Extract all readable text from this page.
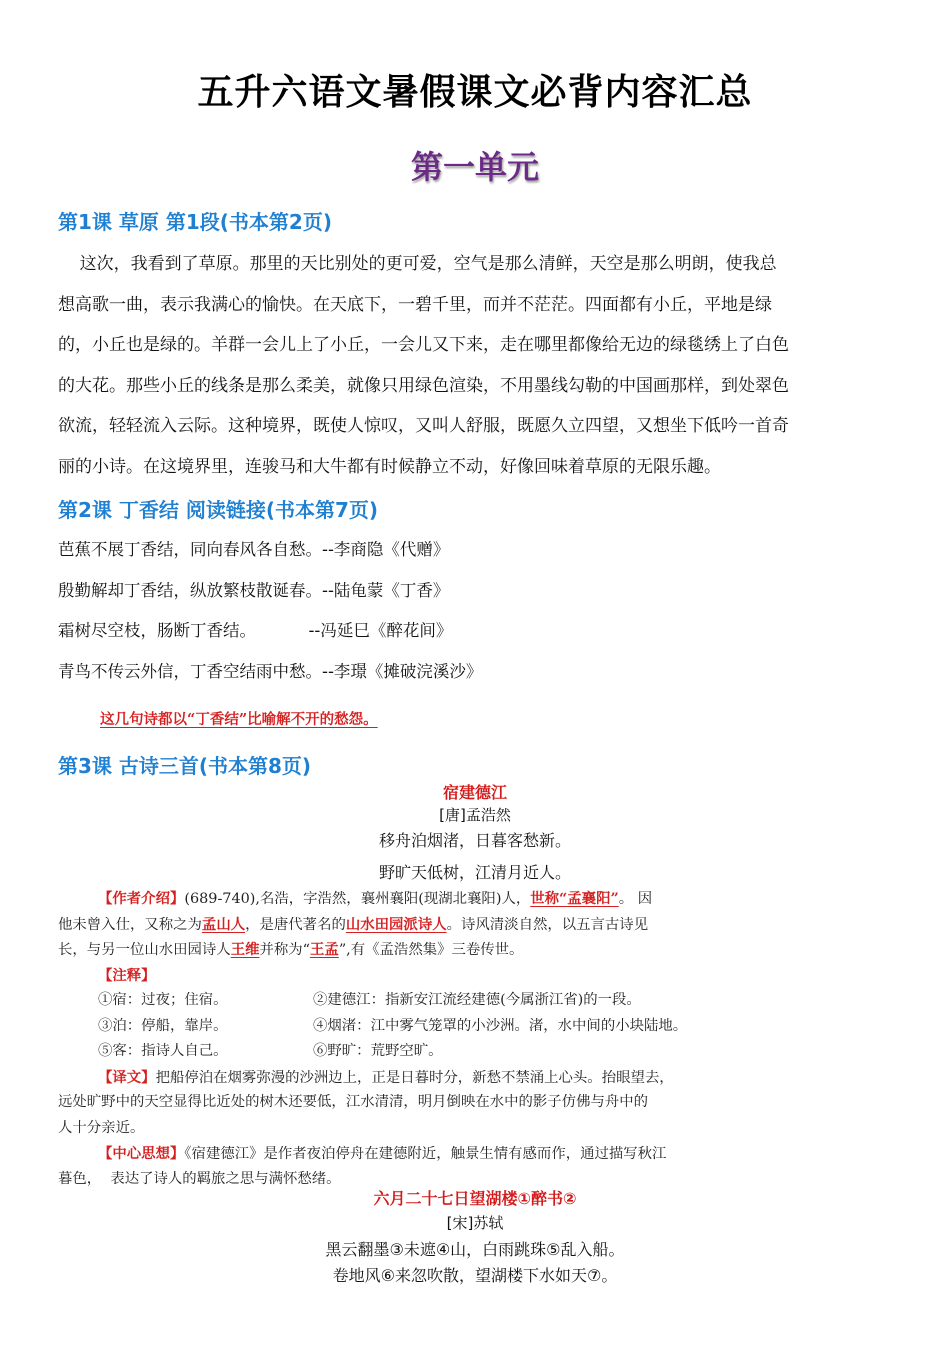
五升六语文暑假课文必背内容汇总
第一单元
第1课 草原 第1段(书本第2页)
这次，我看到了草原。那里的天比别处的更可爱，空气是那么清鲜，天空是那么明朗，使我总
想高歌一曲，表示我满心的愉快。在天底下，一碧千里，而并不茫茫。四面都有小丘，平地是绿
的，小丘也是绿的。羊群一会儿上了小丘，一会儿又下来，走在哪里都像给无边的绿毯绣上了白色
的大花。那些小丘的线条是那么柔美，就像只用绿色渲染，不用墨线勾勒的中国画那样，到处翠色
欲流，轻轻流入云际。这种境界，既使人惊叹，又叫人舒服，既愿久立四望，又想坐下低吟一首奇
丽的小诗。在这境界里，连骏马和大牛都有时候静立不动，好像回味着草原的无限乐趣。
第2课 丁香结 阅读链接(书本第7页)
芭蕉不展丁香结，同向春风各自愁。--李商隐《代赠》
殷勤解却丁香结，纵放繁枝散诞春。--陆龟蒙《丁香》
霜树尽空枝，肠断丁香结。          --冯延巳《醉花间》
青鸟不传云外信，丁香空结雨中愁。--李璟《摊破浣溪沙》
这几句诗都以“丁香结”比喻解不开的愁怨。
第3课 古诗三首(书本第8页)
宿建德江
[唐]孟浩然
移舟泊烟渚，日暮客愁新。
野旷天低树，江清月近人。
【作者介绍】(689-740),名浩，字浩然，襄州襄阳(现湖北襄阳)人，世称“孟襄阳”。 因
他未曾入仕，又称之为孟山人，是唐代著名的山水田园派诗人。诗风清淡自然，以五言古诗见
长，与另一位山水田园诗人王维并称为“王孟”,有《孟浩然集》三卷传世。
【注释】
①宿：过夜；住宿。	②建德江：指新安江流经建德(今属浙江省)的一段。
③泊：停船，靠岸。	④烟渚：江中雾气笼罩的小沙洲。渚，水中间的小块陆地。
⑤客：指诗人自己。	⑥野旷：荒野空旷。
【译文】把船停泊在烟雾弥漫的沙洲边上，正是日暮时分，新愁不禁涌上心头。抬眼望去，
远处旷野中的天空显得比近处的树木还要低，江水清清，明月倒映在水中的影子仿佛与舟中的
人十分亲近。
【中心思想】《宿建德江》是作者夜泊停舟在建德附近，触景生情有感而作，通过描写秋江
暮色，  表达了诗人的羁旅之思与满怀愁绪。
六月二十七日望湖楼①醉书②
[宋]苏轼
黑云翻墨③未遮④山，白雨跳珠⑤乱入船。
卷地风⑥来忽吹散，望湖楼下水如天⑦。
